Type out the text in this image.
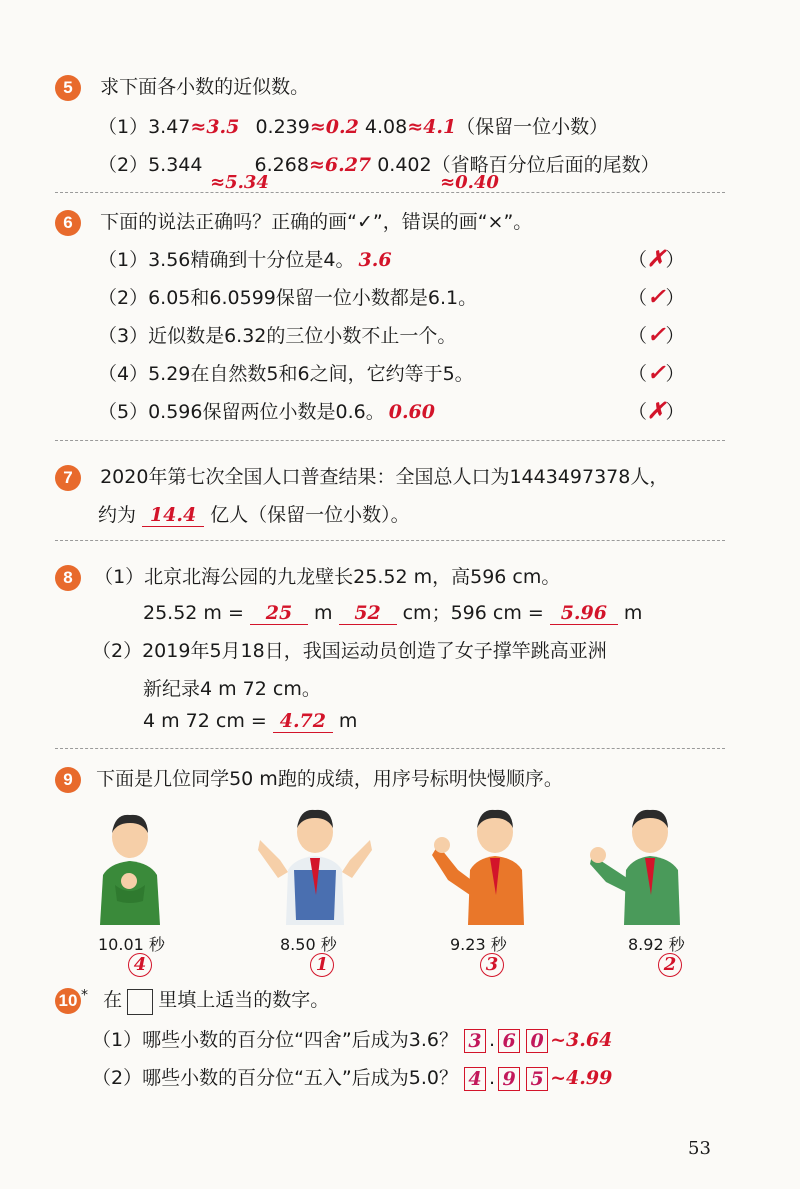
5 求下面各小数的近似数。
（1）3.47≈3.5 0.239≈0.2 4.08≈4.1（保留一位小数）
（2）5.344	6.268≈6.27 0.402（省略百分位后面的尾数）
≈5.34	≈0.40
6 下面的说法正确吗？正确的画“✓”，错误的画“×”。
（1）3.56精确到十分位是4。 3.6	（✗）
（2）6.05和6.0599保留一位小数都是6.1。	（✓）
（3）近似数是6.32的三位小数不止一个。	（✓）
（4）5.29在自然数5和6之间，它约等于5。	（✓）
（5）0.596保留两位小数是0.6。 0.60	（✗）
7 2020年第七次全国人口普查结果：全国总人口为1443497378人，
约为 14.4 亿人（保留一位小数）。
8 （1）北京北海公园的九龙壁长25.52 m，高596 cm。
25.52 m = 25 m 52 cm；596 cm = 5.96 m
（2）2019年5月18日，我国运动员创造了女子撑竿跳高亚洲
新纪录4 m 72 cm。
4 m 72 cm = 4.72 m
9 下面是几位同学50 m跑的成绩，用序号标明快慢顺序。
10.01 秒
4
8.50 秒
1
9.23 秒
3
8.92 秒
2
10 * 在 里填上适当的数字。
（1）哪些小数的百分位“四舍”后成为3.6？ 3 . 6 0 ~3.64
（2）哪些小数的百分位“五入”后成为5.0？ 4 . 9 5 ~4.99
53
